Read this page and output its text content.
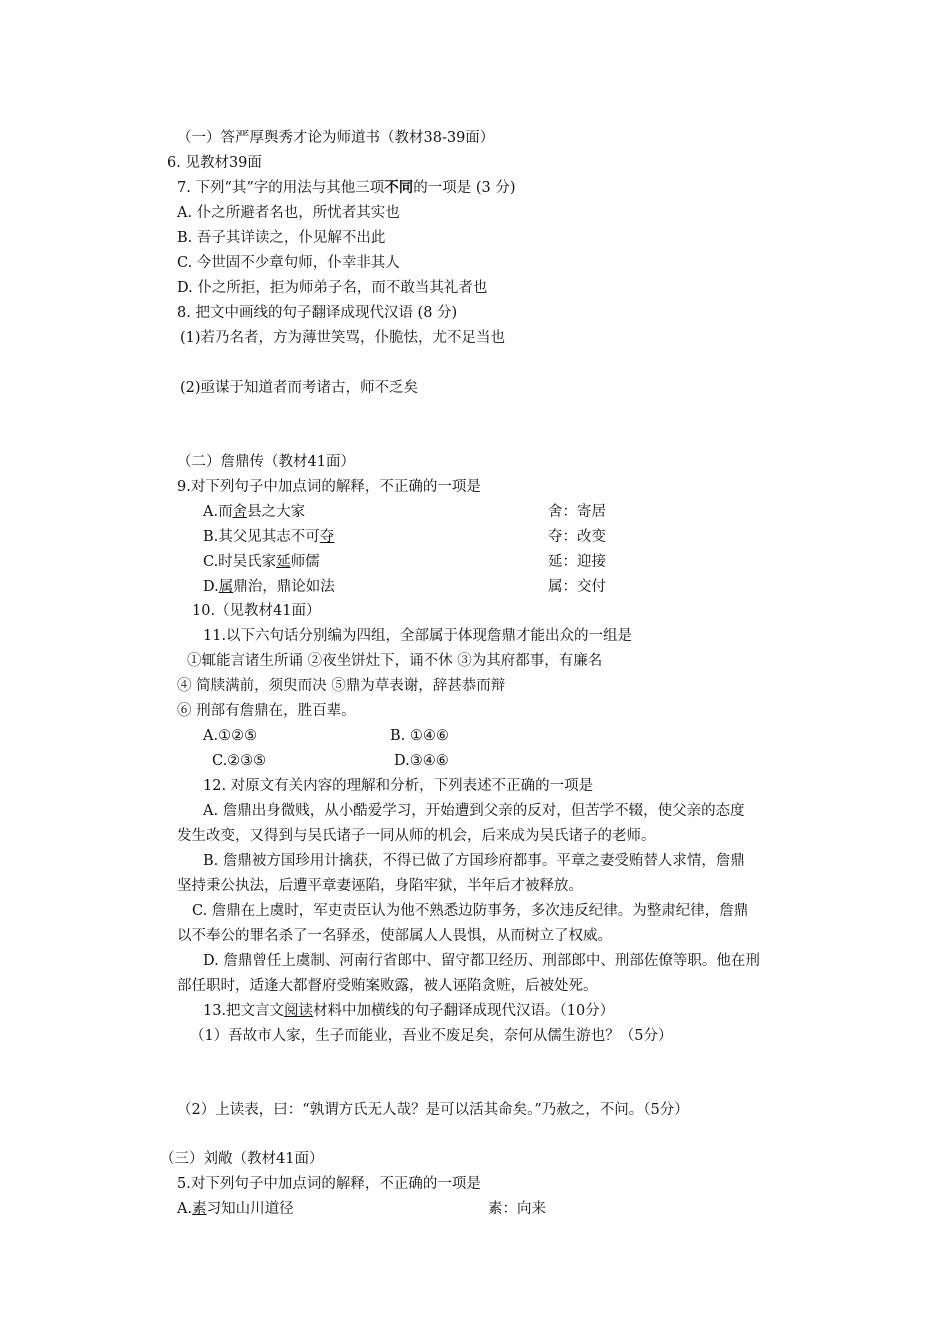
（一）答严厚舆秀才论为师道书（教材38-39面）
6. 见教材39面
7. 下列“其”字的用法与其他三项不同的一项是 (3 分)
A. 仆之所避者名也，所忧者其实也
B. 吾子其详读之，仆见解不出此
C. 今世固不少章句师，仆幸非其人
D. 仆之所拒，拒为师弟子名，而不敢当其礼者也
8. 把文中画线的句子翻译成现代汉语 (8 分)
(1)若乃名者，方为薄世笑骂，仆脆怯，尤不足当也
(2)亟谋于知道者而考诸古，师不乏矣
（二）詹鼎传（教材41面）
9.对下列句子中加点词的解释，不正确的一项是
A.而舍县之大家	舍：寄居
B.其父见其志不可夺	夺：改变
C.时吴氏家延师儒	延：迎接
D.属鼎治，鼎论如法	属：交付
10.（见教材41面）
11.以下六句话分别编为四组，全部属于体现詹鼎才能出众的一组是
①辄能言诸生所诵 ②夜坐饼灶下，诵不休 ③为其府都事，有廉名
④ 简牍满前，须臾而决 ⑤鼎为草表谢，辞甚恭而辩
⑥ 刑部有詹鼎在，胜百辈。
A.①②⑤	B. ①④⑥
C.②③⑤	D.③④⑥
12. 对原文有关内容的理解和分析，下列表述不正确的一项是
A. 詹鼎出身微贱，从小酷爱学习，开始遭到父亲的反对，但苦学不辍，使父亲的态度
发生改变，又得到与吴氏诸子一同从师的机会，后来成为吴氏诸子的老师。
B. 詹鼎被方国珍用计擒获，不得已做了方国珍府都事。平章之妻受贿替人求情，詹鼎
坚持秉公执法，后遭平章妻诬陷，身陷牢狱，半年后才被释放。
C. 詹鼎在上虞时，军吏责臣认为他不熟悉边防事务，多次违反纪律。为整肃纪律，詹鼎
以不奉公的罪名杀了一名驿丞，使部属人人畏惧，从而树立了权威。
D. 詹鼎曾任上虞制、河南行省郎中、留守都卫经历、刑部郎中、刑部佐僚等职。他在刑
部任职时，适逢大都督府受贿案败露，被人诬陷贪赃，后被处死。
13.把文言文阅读材料中加横线的句子翻译成现代汉语。（10分）
（1）吾故市人家，生子而能业，吾业不废足矣，奈何从儒生游也？（5分）
（2）上读表，曰：“孰谓方氏无人哉？是可以活其命矣。”乃赦之，不问。（5分）
（三）刘敞（教材41面）
5.对下列句子中加点词的解释，不正确的一项是
A.素习知山川道径	素：向来
